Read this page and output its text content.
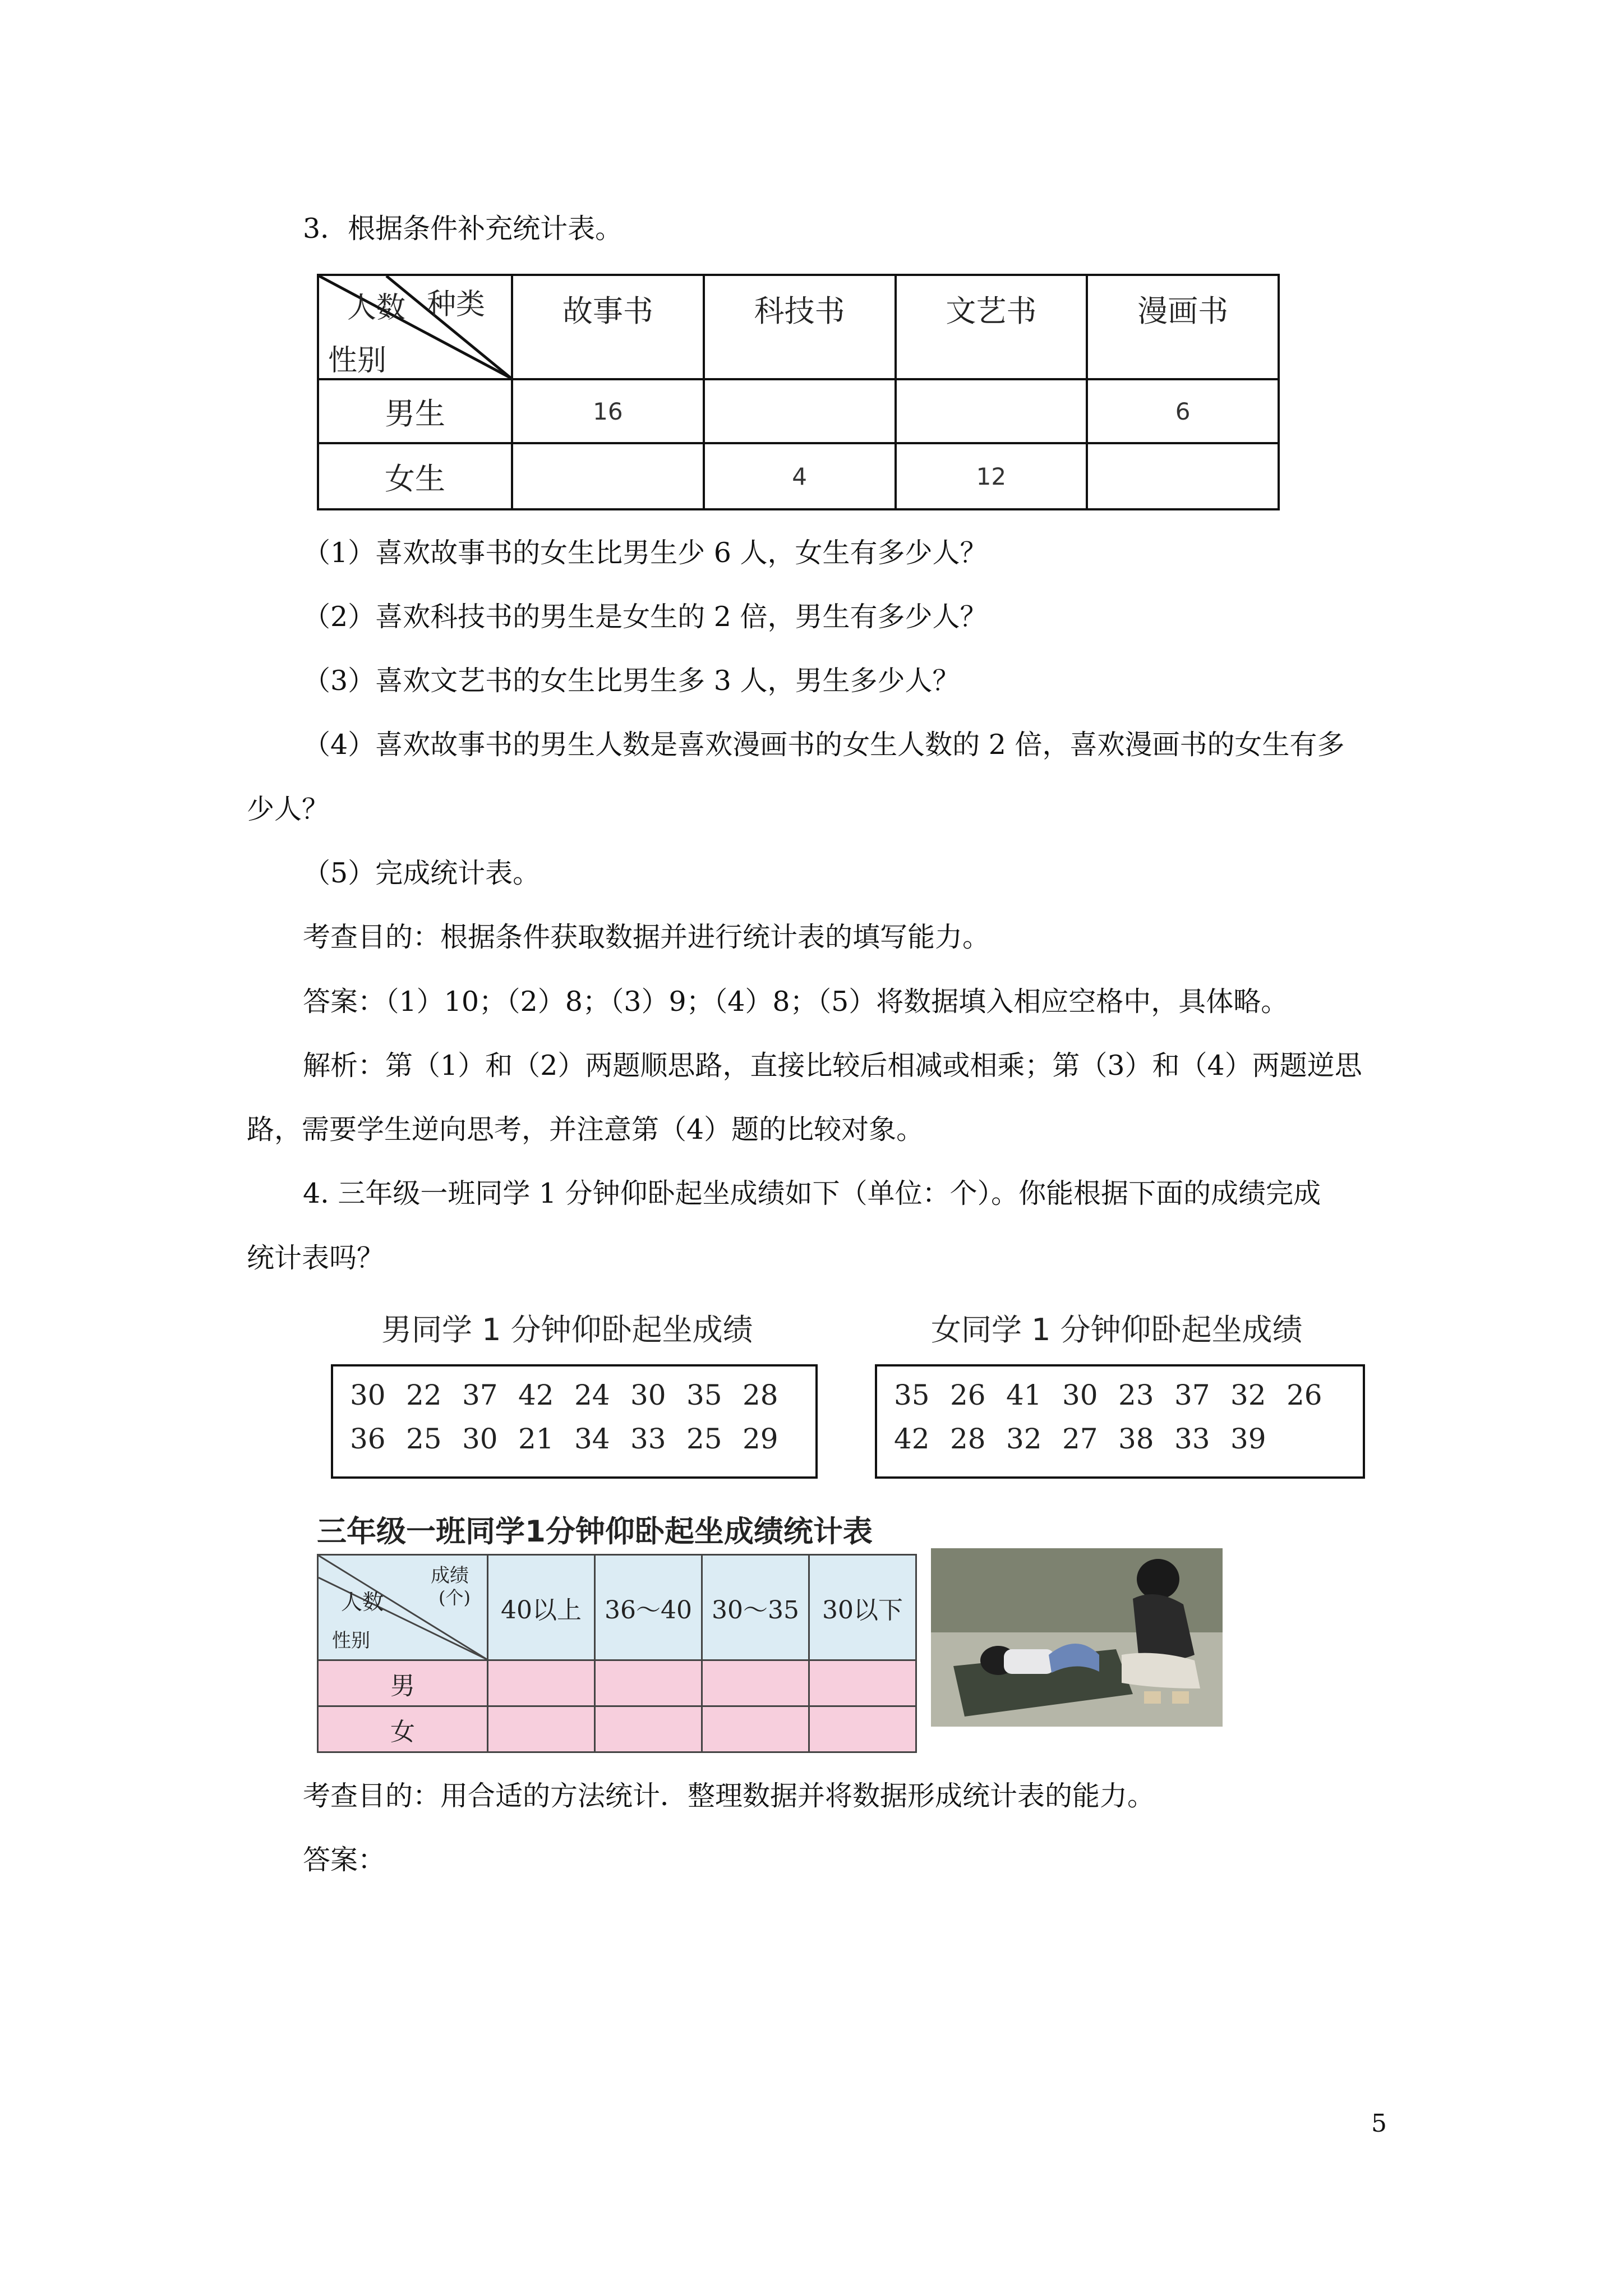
3．根据条件补充统计表。
人数 种类
性别	故事书	科技书	文艺书	漫画书
男生	16			6
女生		4	12	
（1）喜欢故事书的女生比男生少 6 人，女生有多少人？
（2）喜欢科技书的男生是女生的 2 倍，男生有多少人？
（3）喜欢文艺书的女生比男生多 3 人，男生多少人？
（4）喜欢故事书的男生人数是喜欢漫画书的女生人数的 2 倍，喜欢漫画书的女生有多
少人？
（5）完成统计表。
考查目的：根据条件获取数据并进行统计表的填写能力。
答案：（1）10；（2）8；（3）9；（4）8；（5）将数据填入相应空格中，具体略。
解析：第（1）和（2）两题顺思路，直接比较后相减或相乘；第（3）和（4）两题逆思
路，需要学生逆向思考，并注意第（4）题的比较对象。
4. 三年级一班同学 1 分钟仰卧起坐成绩如下（单位：个）。你能根据下面的成绩完成
统计表吗？
男同学 1 分钟仰卧起坐成绩
30 22 37 42 24 30 35 28
36 25 30 21 34 33 25 29
女同学 1 分钟仰卧起坐成绩
35 26 41 30 23 37 32 26
42 28 32 27 38 33 39
三年级一班同学1分钟仰卧起坐成绩统计表
人数
成绩
(个)
性别	40以上	36～40	30～35	30以下
男				
女				
考查目的：用合适的方法统计．整理数据并将数据形成统计表的能力。
答案：
5
